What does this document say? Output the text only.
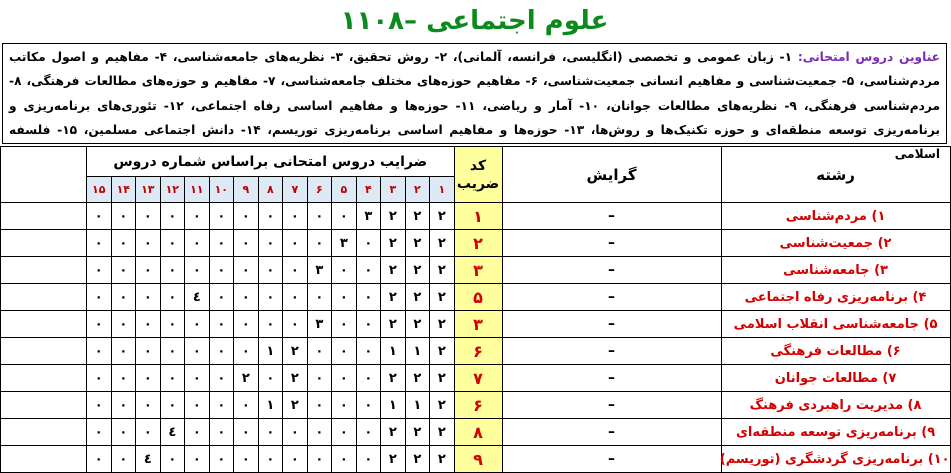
۱۱۰۸– علوم اجتماعی
عناوین دروس امتحانی: ۱- زبان عمومی و تخصصی (انگلیسی، فرانسه، آلمانی)، ۲- روش تحقیق، ۳- نظریه‌های جامعه‌شناسی، ۴- مفاهیم و اصول مکاتب مردم‌شناسی، ۵- جمعیت‌شناسی و مفاهیم انسانی جمعیت‌شناسی، ۶- مفاهیم حوزه‌های مختلف جامعه‌شناسی، ۷- مفاهیم و حوزه‌های مطالعات فرهنگی، ۸- مردم‌شناسی فرهنگی، ۹- نظریه‌های مطالعات جوانان، ۱۰- آمار و ریاضی، ۱۱- حوزه‌ها و مفاهیم اساسی رفاه اجتماعی، ۱۲- تئوری‌های برنامه‌ریزی و برنامه‌ریزی توسعه منطقه‌ای و حوزه تکنیک‌ها و روش‌ها، ۱۳- حوزه‌ها و مفاهیم اساسی برنامه‌ریزی توریسم، ۱۴- دانش اجتماعی مسلمین، ۱۵- فلسفه اسلامی
رشته	گرایش	کد ضریب	ضرایب دروس امتحانی براساس شماره دروس															
			۱	۲	۳	۴	۵	۶	۷	۸	۹	۱۰	۱۱	۱۲	۱۳	۱۴	۱۵	
۱) مردم‌شناسی	–	۱	۲	۲	۲	۳	۰	۰	۰	۰	۰	۰	۰	۰	۰	۰	۰	
۲) جمعیت‌شناسی	–	۲	۲	۲	۲	۰	۳	۰	۰	۰	۰	۰	۰	۰	۰	۰	۰	
۳) جامعه‌شناسی	–	۳	۲	۲	۲	۰	۰	۳	۰	۰	۰	۰	۰	۰	۰	۰	۰	
۴) برنامه‌ریزی رفاه اجتماعی	–	۵	۲	۲	۲	۰	۰	۰	۰	۰	۰	۰	٤	۰	۰	۰	۰	
۵) جامعه‌شناسی انقلاب اسلامی	–	۳	۲	۲	۲	۰	۰	۳	۰	۰	۰	۰	۰	۰	۰	۰	۰	
۶) مطالعات فرهنگی	–	۶	۲	۱	۱	۰	۰	۰	۲	۱	۰	۰	۰	۰	۰	۰	۰	
۷) مطالعات جوانان	–	۷	۲	۲	۲	۰	۰	۰	۲	۰	۲	۰	۰	۰	۰	۰	۰	
۸) مدیریت راهبردی فرهنگ	–	۶	۲	۱	۱	۰	۰	۰	۲	۱	۰	۰	۰	۰	۰	۰	۰	
۹) برنامه‌ریزی توسعه منطقه‌ای	–	۸	۲	۲	۲	۰	۰	۰	۰	۰	۰	۰	۰	٤	۰	۰	۰	
۱۰) برنامه‌ریزی گردشگری (توریسم)	–	۹	۲	۲	۲	۰	۰	۰	۰	۰	۰	۰	۰	۰	٤	۰	۰	
